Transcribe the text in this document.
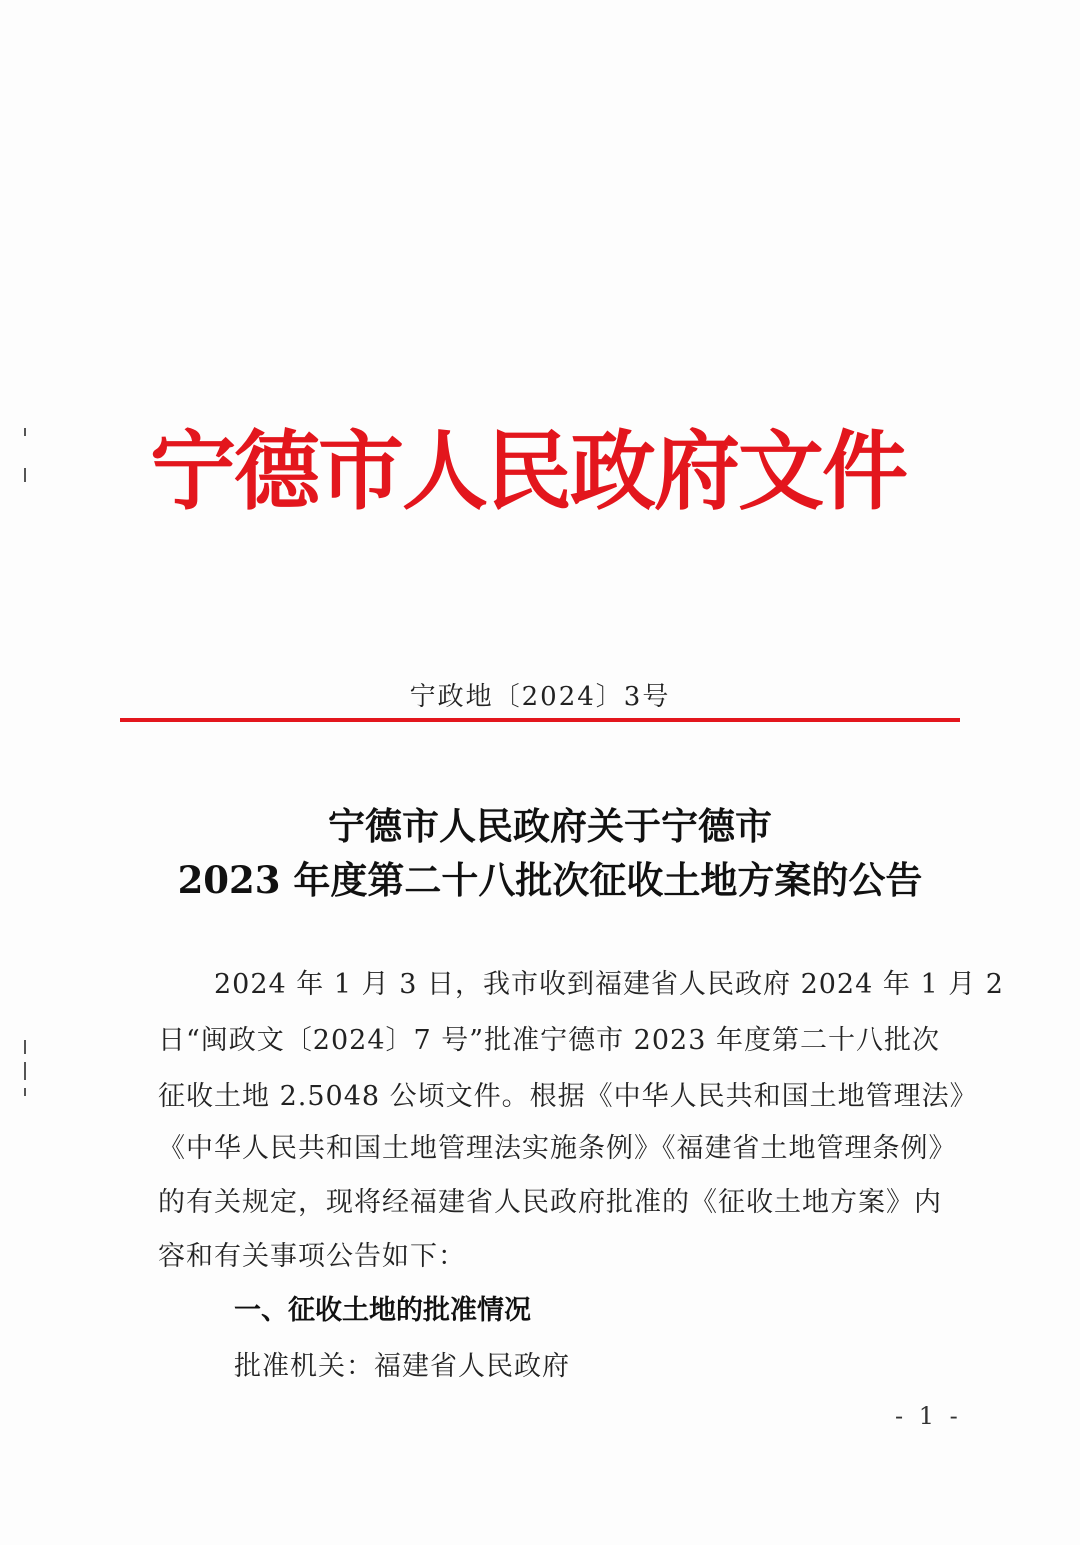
宁德市人民政府文件
宁政地〔2024〕3号
宁德市人民政府关于宁德市
2023 年度第二十八批次征收土地方案的公告
　　2024 年 1 月 3 日，我市收到福建省人民政府 2024 年 1 月 2
日“闽政文〔2024〕7 号”批准宁德市 2023 年度第二十八批次
征收土地 2.5048 公顷文件。根据《中华人民共和国土地管理法》
《中华人民共和国土地管理法实施条例》《福建省土地管理条例》
的有关规定，现将经福建省人民政府批准的《征收土地方案》内
容和有关事项公告如下：
一、征收土地的批准情况
批准机关：福建省人民政府
- 1 -
